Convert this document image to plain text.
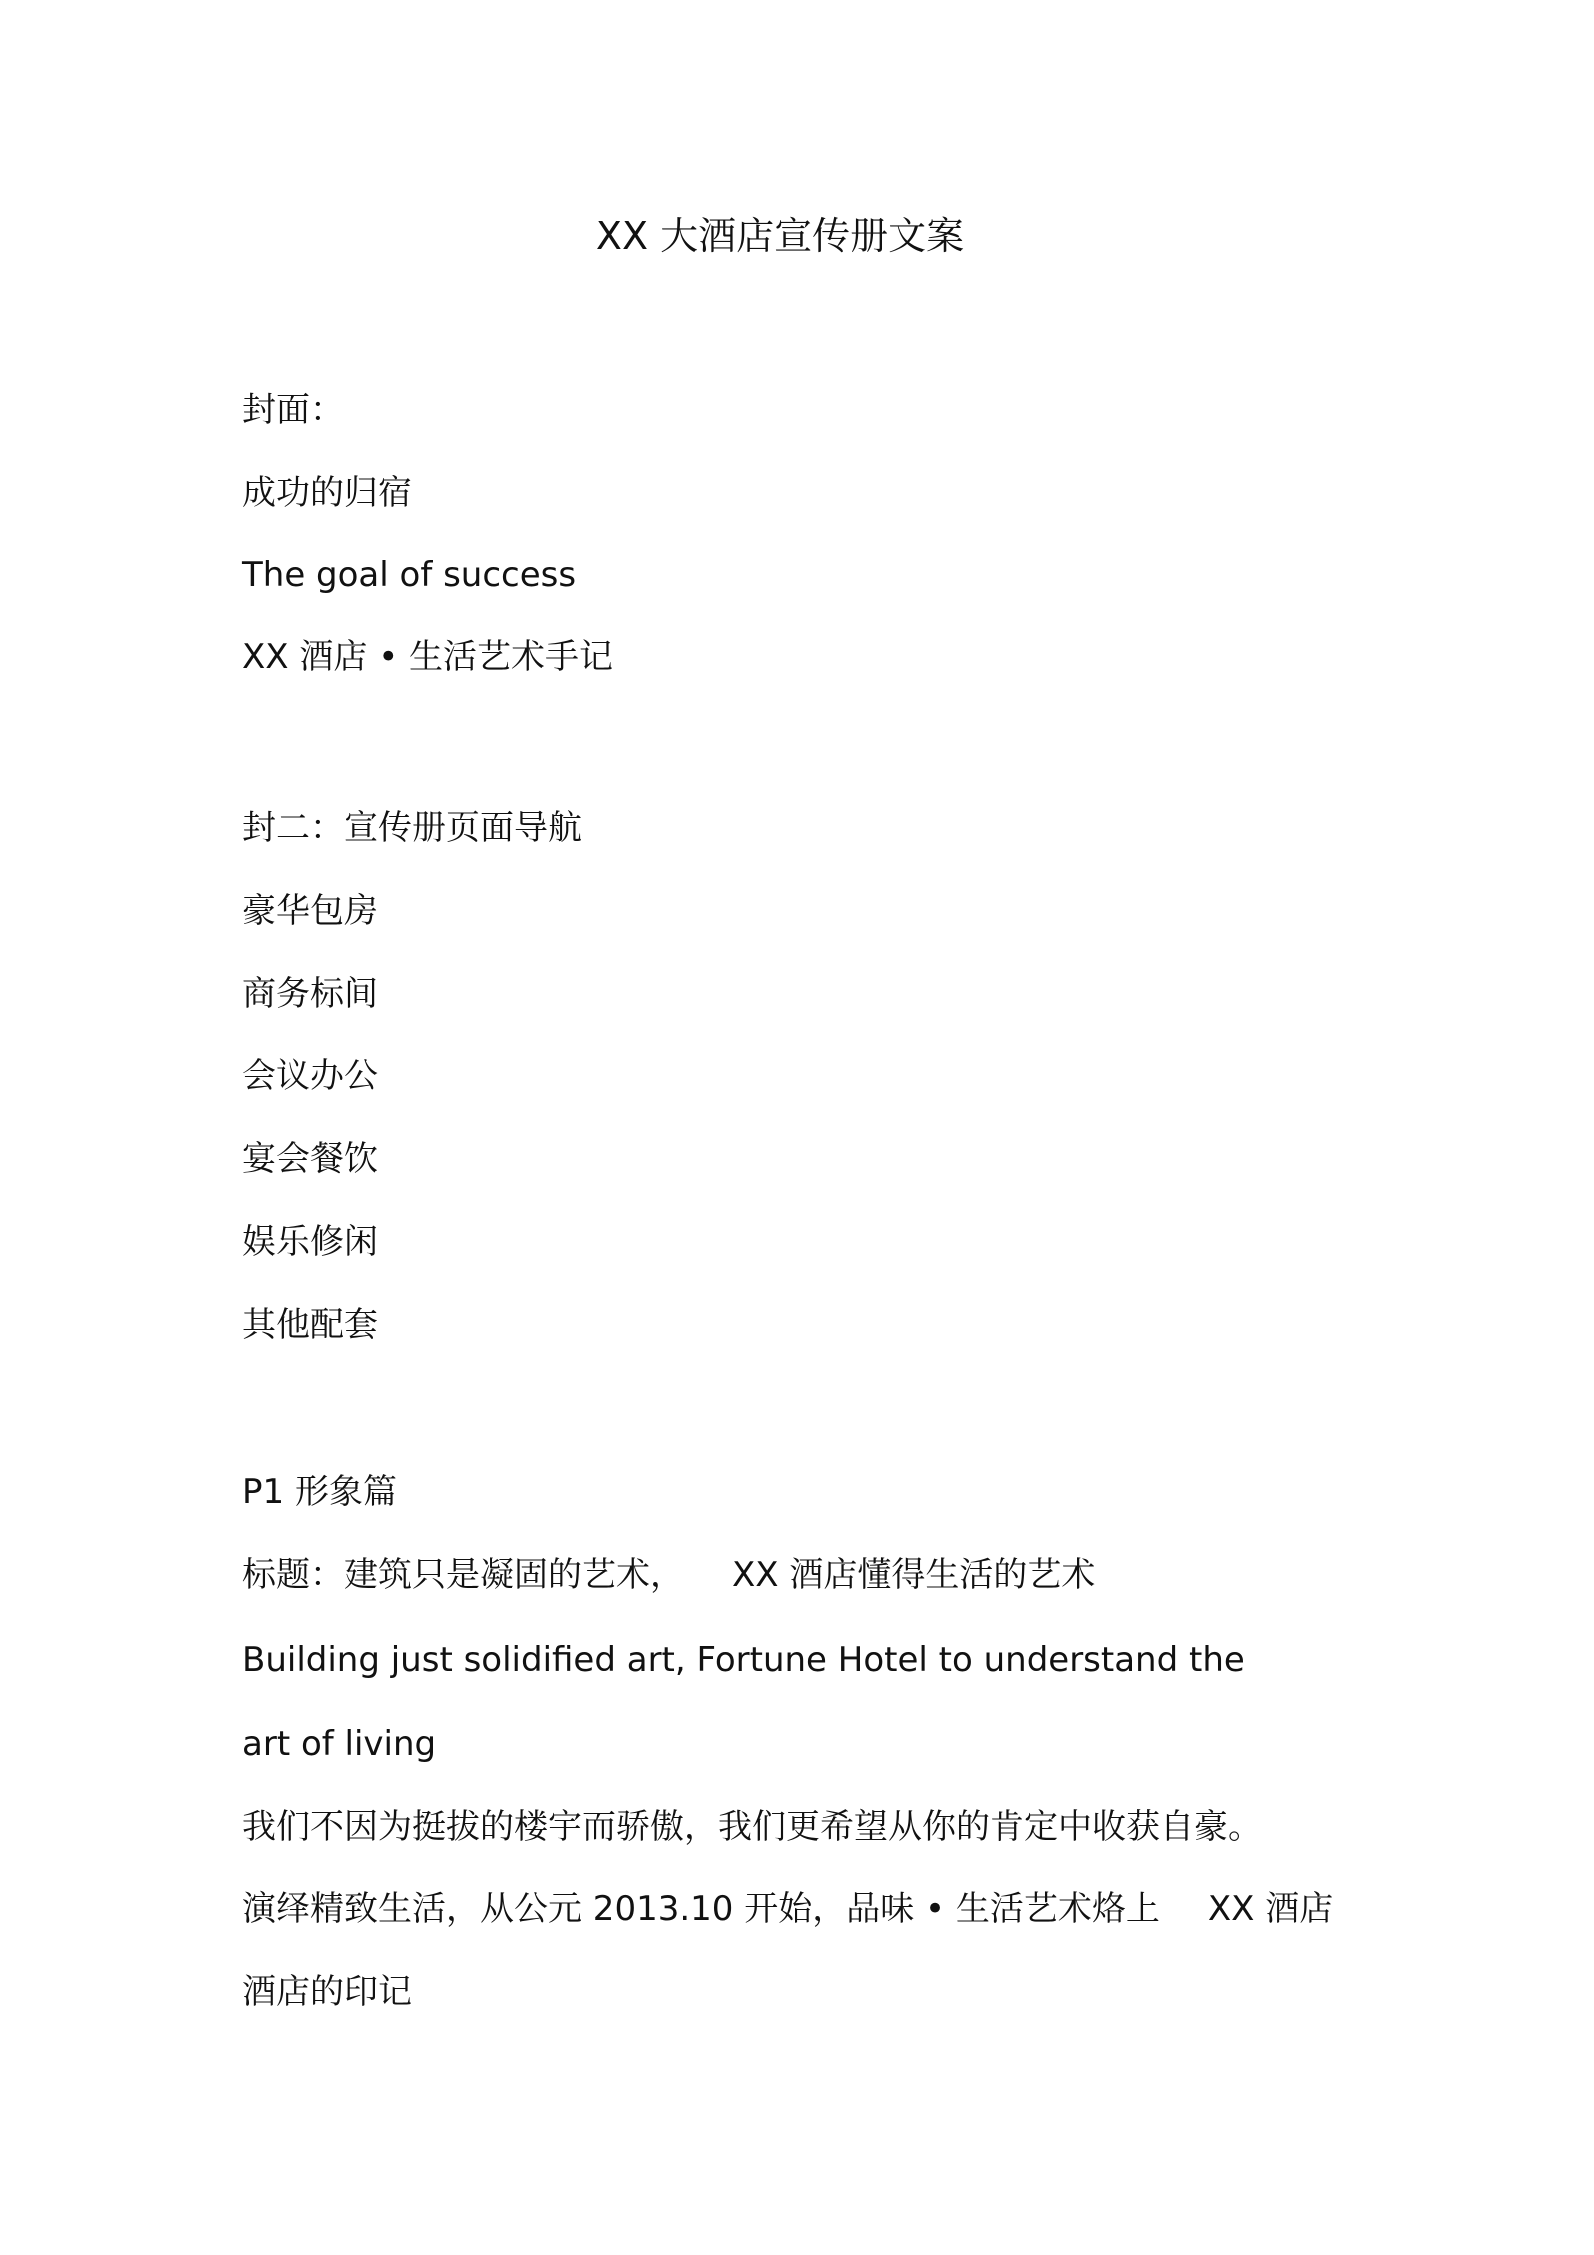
XX 大酒店宣传册文案

封面：

成功的归宿

The goal of success

XX 酒店 • 生活艺术手记

封二：宣传册页面导航

豪华包房

商务标间

会议办公

宴会餐饮

娱乐修闲

其他配套

P1 形象篇

标题：建筑只是凝固的艺术， XX 酒店懂得生活的艺术

Building just solidified art, Fortune Hotel to understand the

art of living

我们不因为挺拔的楼宇而骄傲，我们更希望从你的肯定中收获自豪。

演绎精致生活，从公元 2013.10 开始，品味 • 生活艺术烙上 XX 酒店

酒店的印记
